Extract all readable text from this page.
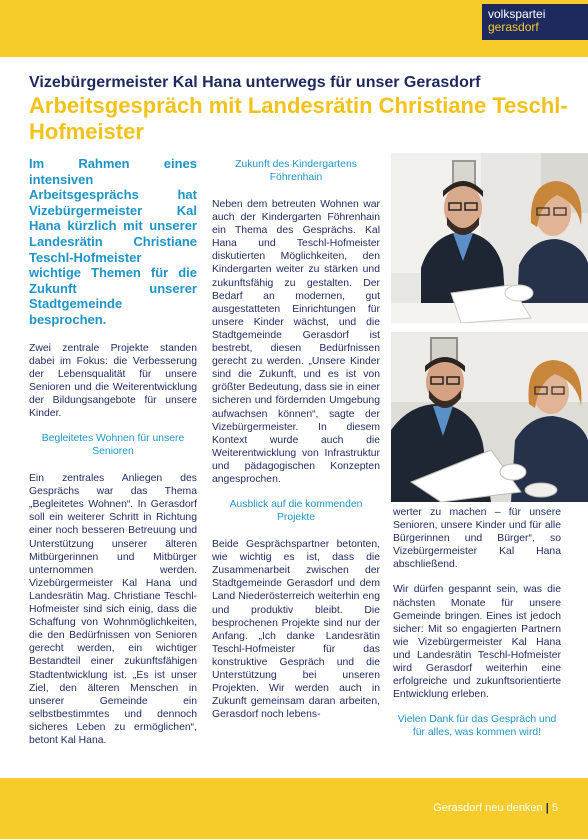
volkspartei
gerasdorf
Vizebürgermeister Kal Hana unterwegs für unser Gerasdorf
Arbeitsgespräch mit Landesrätin Christiane Teschl-Hofmeister
Im Rahmen eines intensiven Arbeitsgesprächs hat Vizebürgermeister Kal Hana kürzlich mit unserer Landesrätin Christiane Teschl-Hofmeister wichtige Themen für die Zukunft unserer Stadtgemeinde besprochen.

Zwei zentrale Projekte standen dabei im Fokus: die Verbesserung der Lebensqualität für unsere Senioren und die Weiterentwicklung der Bildungsangebote für unsere Kinder.

Begleitetes Wohnen für unsere Senioren

Ein zentrales Anliegen des Gesprächs war das Thema „Begleitetes Wohnen“. In Gerasdorf soll ein weiterer Schritt in Richtung einer noch besseren Betreuung und Unterstützung unserer älteren Mitbürgerinnen und Mitbürger unternommen werden. Vizebürgermeister Kal Hana und Landesrätin Mag. Christiane Teschl-Hofmeister sind sich einig, dass die Schaffung von Wohnmöglichkeiten, die den Bedürfnissen von Senioren gerecht werden, ein wichtiger Bestandteil einer zukunftsfähigen Stadtentwicklung ist. „Es ist unser Ziel, den älteren Menschen in unserer Gemeinde ein selbstbestimmtes und dennoch sicheres Leben zu ermöglichen“, betont Kal Hana.

Zukunft des Kindergartens Föhrenhain

Neben dem betreuten Wohnen war auch der Kindergarten Föhrenhain ein Thema des Gesprächs. Kal Hana und Teschl-Hofmeister diskutierten Möglichkeiten, den Kindergarten weiter zu stärken und zukunftsfähig zu gestalten. Der Bedarf an modernen, gut ausgestatteten Einrichtungen für unsere Kinder wächst, und die Stadtgemeinde Gerasdorf ist bestrebt, diesen Bedürfnissen gerecht zu werden. „Unsere Kinder sind die Zukunft, und es ist von größter Bedeutung, dass sie in einer sicheren und fördernden Umgebung aufwachsen können“, sagte der Vizebürgermeister. In diesem Kontext wurde auch die Weiterentwicklung von Infrastruktur und pädagogischen Konzepten angesprochen.

Ausblick auf die kommenden Projekte

Beide Gesprächspartner betonten, wie wichtig es ist, dass die Zusammenarbeit zwischen der Stadtgemeinde Gerasdorf und dem Land Niederösterreich weiterhin eng und produktiv bleibt. Die besprochenen Projekte sind nur der Anfang. „Ich danke Landesrätin Teschl-Hofmeister für das konstruktive Gespräch und die Unterstützung bei unseren Projekten. Wir werden auch in Zukunft gemeinsam daran arbeiten, Gerasdorf noch lebens-

werter zu machen – für unsere Senioren, unsere Kinder und für alle Bürgerinnen und Bürger“, so Vizebürgermeister Kal Hana abschließend.

Wir dürfen gespannt sein, was die nächsten Monate für unsere Gemeinde bringen. Eines ist jedoch sicher: Mit so engagierten Partnern wie Vizebürgermeister Kal Hana und Landesrätin Teschl-Hofmeister wird Gerasdorf weiterhin eine erfolgreiche und zukunftsorientierte Entwicklung erleben.

Vielen Dank für das Gespräch und für alles, was kommen wird!
Gerasdorf neu denken | 5
